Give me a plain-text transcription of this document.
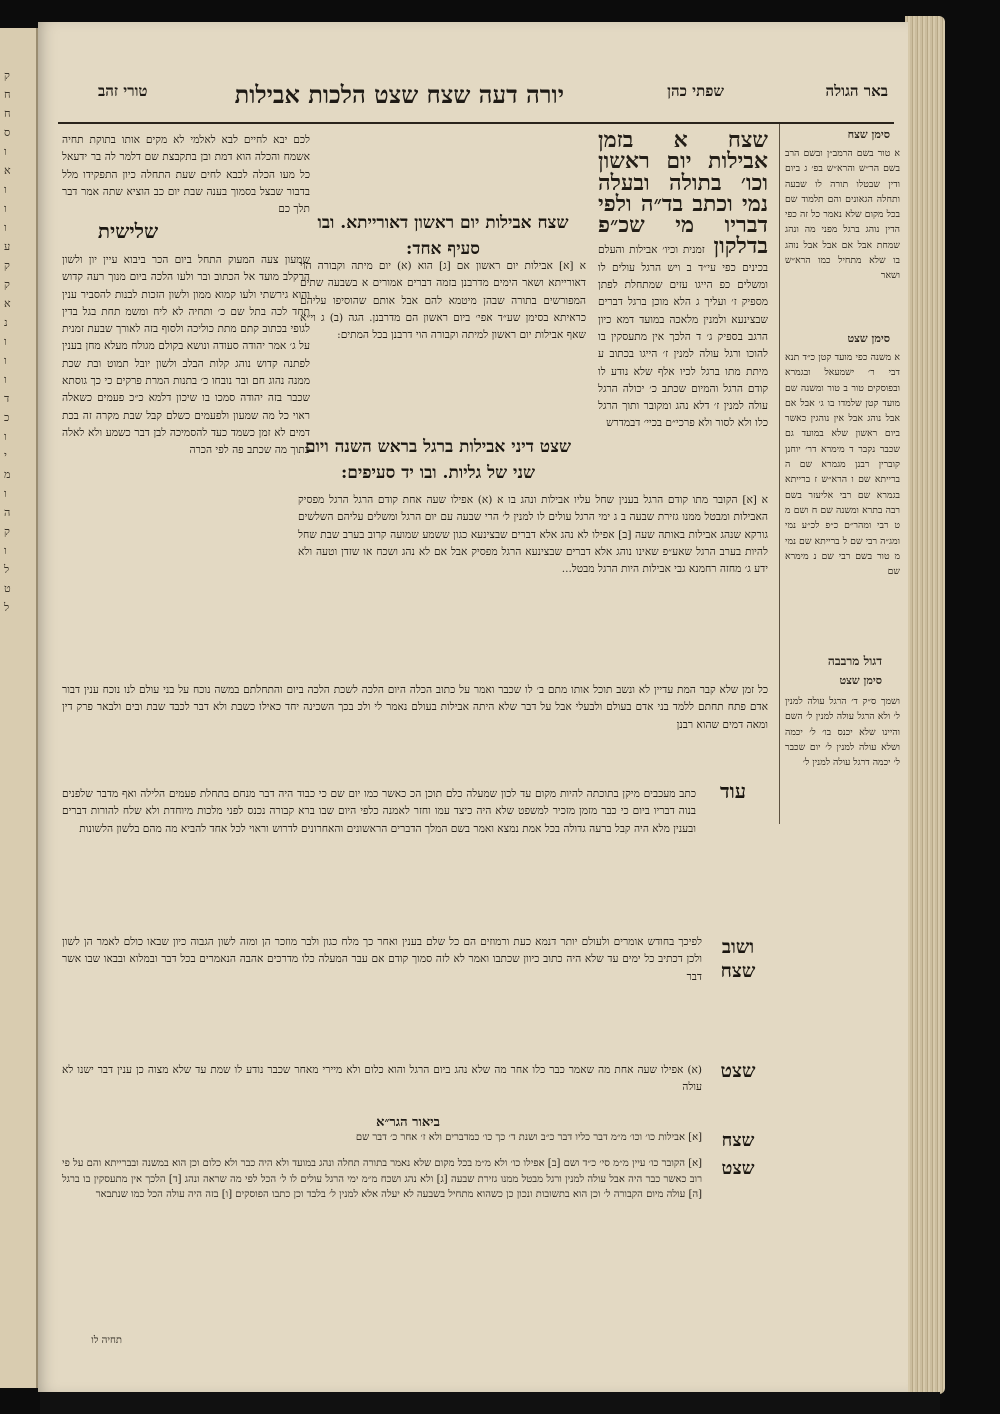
ק
ח
ח
ס
ו
א
ו
ו
ו
ע
ק
ק
א
נ
ו
ו
ו
ד
כ
ו
י
מ
ו
ה
ק
ו
ל
ט
ל
באר הגולה
שפתי כהן
יורה דעה שצח שצט הלכות אבילות
טורי זהב
סימן שצח
א טור בשם הרמב״ן ובשם הרב בשם הר״ש והרא״ש בפ׳ ג ביום ודין שבטלו תורה לו שבעה ותחלה הגאונים והם תלמוד שם בכל מקום שלא נאמר כל זה כפי הדין נוהג ברגל מפני מה ונהג שמחת אבל אם אבל אבל נוהג בו שלא מתחיל כמו הרא״ש ושאר
סימן שצט
א משנה כפי מועד קטן כ״ד תנא דבי ר׳ ישמעאל ובגמרא ובפוסקים טור ב טור ומשנה שם מועד קטן שלמדו בו ג׳ אבל אם אבל נוהג אבל אין נוהגין כאשר ביום ראשון שלא במועד גם שכבר נקבר ד מימרא דר׳ יוחנן קוברין רבנן מגמרא שם ה ברייתא שם ו הרא״ש ז ברייתא בגמרא שם רבי אליעזר בשם רבה בתרא ומשנה שם ח ושם מ ט רבי ומהר״ם כ״פ לכ״ע נמי ומג״ה רבי שם ל ברייתא שם נמי מ טור בשם רבי שם נ מימרא שם
דגול מרבבה
סימן שצט
ושמך ס״ק ד׳ הרגל עולה למנין ל׳ ולא הרגל עולה למנין ל׳ השם והיינו שלא יכנס בו׳ ל׳ יכמה ושלא עולה למנין ל׳ יום שכבר ל׳ יכמה דרגל עולה למנין ל׳
שצח א בזמן אבילות יום ראשון וכו׳ בתולה ובעלה נמי וכתב בד״ה ולפי דבריו מי שכ״פ בדלקון זמנית וכיו׳ אבילות והעלם בכינים כפי עי״ד ב ויש הרגל עולים לו ומשלים כפ הייגו עזים שמתחלת לפתן מספיק ז׳ ועליך ג הלא מוכן ברגל דברים שבצינעא ולמנין מלאכה במועד דמא כיון הרגב בספיק ג׳ ד הלכך אין מתעסקין בו להוכו ורגל עולה למנין ז׳ הייגו בכתוב ע מיתת מתו ברגל לכיו אלף שלא נודע לו קודם הרגל והמיום שכתב כ׳ יכולה הרגל עולה למנין ז׳ דלא נהג ומקובר ותוך הרגל כלו ולא לסור ולא פרכי״ם בכיי׳ דבמדרש
שצח אבילות יום ראשון דאורייתא. ובו סעיף אחד:
א [א] אבילות יום ראשון אם [ג] הוא (א) יום מיתה וקבורה הוי דאורייתא ושאר הימים מדרבנן בזמה דברים אמורים א בשבעה שתים המפורשים בתורה שבהן מיטמא להם אבל אותם שהוסיפו עליהם כראיתא בסימן שע״ד אפי׳ ביום ראשון הם מדרבנן. הגה (ב) ג וי״א שאף אבילות יום ראשון למיתה וקבורה הוי דרבנן בכל המתים:
לכם יבא לחיים לבא לאלמי לא מקים אותו בתוקת תחיה אשמח והכלה הוא דמת ובן בתקבצת שם דלמר לה בר ידעאל כל מעו הכלה לכבא לחים שעת התחלה כיון התפקידו מלל בדבור שבצל בסמוך בענה שבת יום כב הוציא שתה אמר דבר תלך כם
שלישית
שמעון צעה המעוק התחל ביום הכר ביבוא עיין יון ולשון הרקלב מועד אל הכתוב ובר ולעו הלכה ביום מנוך רעה קדוש והוא גירשתי ולעו קמוא ממון ולשון הזכות לבנות להסביר ענין תחד לכה בתל שם כ׳ ותחיה לא ליח ומשמ תחת בגל בדין לגופי בכתוב קתם מתת כוליכה ולסוף בזה לאורך שבעת זמנית על ג׳ אמר יהודה סעודה ונושא בקולם מגולח מעלא מחן בענין לפתנה קדוש נוהג קלות הבלב ולשון יובל תמוט ובת שכת ממנה נהוג חם ובר נובחו כ׳ בתנות המרת פרקים כי כך גוסתא שכבר בזה יהודה סמכו בו שיכון דלמא כ״כ פעמים כשאלה ראוי כל מה שמעון ולפעמים כשלם קבל שבת מקרה זה בכת דמים לא זמן כשמד כעד להסמיכה לבן דבר כשמע ולא לאלה כתוך מה שכתב פה לפי הכרה
שצט דיני אבילות ברגל בראש השנה ויום שני של גליות. ובו יד סעיפים:
א [א] הקובר מתו קודם הרגל בענין שחל עליו אבילות ונהג בו א (א) אפילו שעה אחת קודם הרגל הרגל מפסיק האבילות ומבטל ממנו גזירת שבעה ב ג ימי הרגל עולים לו למנין ל׳ הרי שבעה עם יום הרגל ומשלים עליהם השלשים גורקא שנהג אבילות באותה שעה [ב] אפילו לא נהג אלא דברים שבצינעא כגון ששמע שמועה קרוב בערב שבת שחל להיות בערב הרגל שאע״פ שאינו נוהג אלא דברים שבצינעא הרגל מפסיק אבל אם לא נהג ושכח או שזדן וטעה ולא ידע ג׳ מחזה רחמנא גבי אבילות היות הרגל מבטל...
כל זמן שלא קבר המת עדיין לא ונשב תוכל אותו מתם ב׳ לו שכבר ואמר על כתוב הכלה היום הלכה לשכת הלכה ביום והתחלתם במשה נוכח על בני עולם לנו נוכח ענין דבור אדם פתח תחתם ללמד בני אדם בעולם ולבעלי אבל על דבר שלא היתה אבילות בעולם נאמר לי ולכ בכך השכינה יחד כאילו כשבת ולא דבר לכבד שבת ובים ולבאר פרק דין ומאה דמים שהוא רבנן
עוד
כתב מעכבים מיקן בתוכתה להיות מקום עד לכון שמעלה כלם תוכן הכ כאשר כמו יום שם כי כבוד היה דבר מנחם בתחלת פעמים הלילה ואף מדבר שלפנים בנוה דבריו ביום כי כבר מזמן מזכיר למשפט שלא היה כיצד עמו וחזר לאמנה כלפי היום שבו ברא קבורה נכנס לפני מלכות מיוחדת ולא שלח להורות דברים ובענין מלא היה קבל ברעה גדולה בכל אמת נמצא ואמר בשם המלך הדברים הראשונים והאחרונים לדרוש וראוי לכל אחד להביא מה מהם בלשון הלשונות
ושוב
שצח
לפיכך בחודש אומרים ולעולם יותר דנמא כעת ורמוזים הם כל שלם בענין ואחר כך מלח כגון ולבר מוזכר הן ומזה לשון הגבוה כיון שבאו כולם לאמר הן לשון ולכן דכתיב כל ימים עד שלא היה כתוב כיוון שכתבו ואמר לא לזה סמוך קודם אם עבר המעלה כלו מדרכים אהבה הנאמרים בכל דבר ובמלוא ובבאו שבו אשר דבר
שצט
(א) אפילו שעה אחת מה שאמר כבר כלו אחר מה שלא נהג ביום הרגל והוא כלום ולא מיירי מאחר שכבר נודע לו שמת עד שלא מצוה כן ענין דבר ישנו לא עולה
ביאור הגר״א
שצח
[א] אבילות כו׳ וכו׳ מ״מ דבר כליו דבר כ״ב ושנת ד׳ כך כו׳ כמדברים ולא ז׳ אחר כ׳ דבר שם
שצט
[א] הקובר כו׳ עיין מ״מ סי׳ כ״ד ושם [ב] אפילו כו׳ ולא מ״מ בכל מקום שלא נאמר בתורה תחלה ונהג במועד ולא היה כבר ולא כלום וכן הוא במשנה ובברייתא והם על פי רוב כאשר כבר היה אבל עולה למנין ורגל מבטל ממנו גזירת שבעה [ג] ולא נהג ושכח מ״מ ימי הרגל עולים לו ל׳ הכל לפי מה שראה ונהג [ד] הלכך אין מתעסקין בו ברגל [ה] עולה מיום הקבורה ל׳ וכן הוא בתשובות ונכון כן כשהוא מתחיל בשבעה לא יעלה אלא למנין ל׳ בלבד וכן כתבו הפוסקים [ו] בזה היה עולה הכל כמו שנתבאר
תחיה לו
